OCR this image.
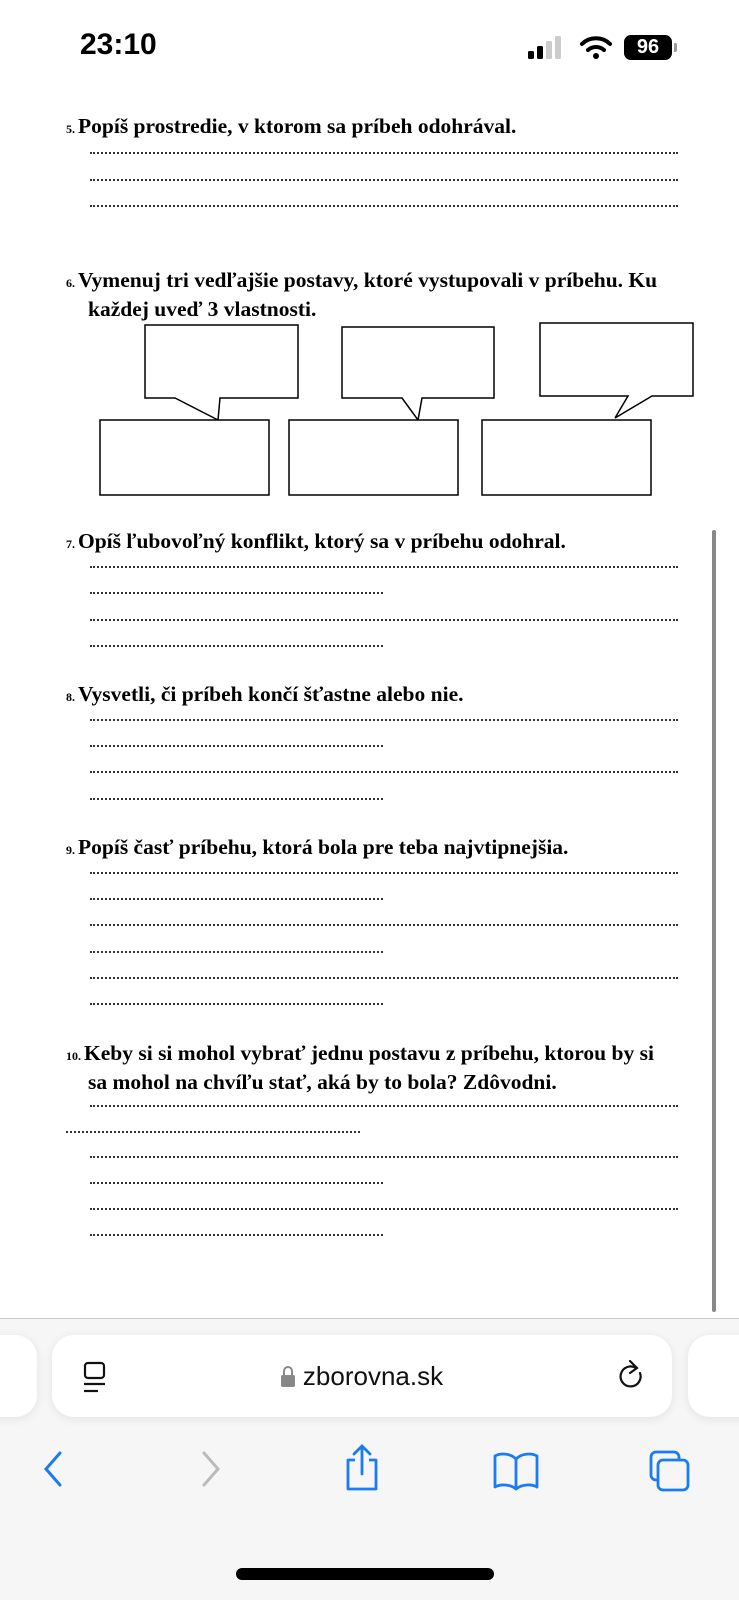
23:10	96
5. Popíš prostredie, v ktorom sa príbeh odohrával.
6. Vymenuj tri vedľajšie postavy, ktoré vystupovali v príbehu. Ku
každej uveď 3 vlastnosti.
7. Opíš ľubovoľný konflikt, ktorý sa v príbehu odohral.
8. Vysvetli, či príbeh končí šťastne alebo nie.
9. Popíš časť príbehu, ktorá bola pre teba najvtipnejšia.
10. Keby si si mohol vybrať jednu postavu z príbehu, ktorou by si
sa mohol na chvíľu stať, aká by to bola? Zdôvodni.
zborovna.sk
